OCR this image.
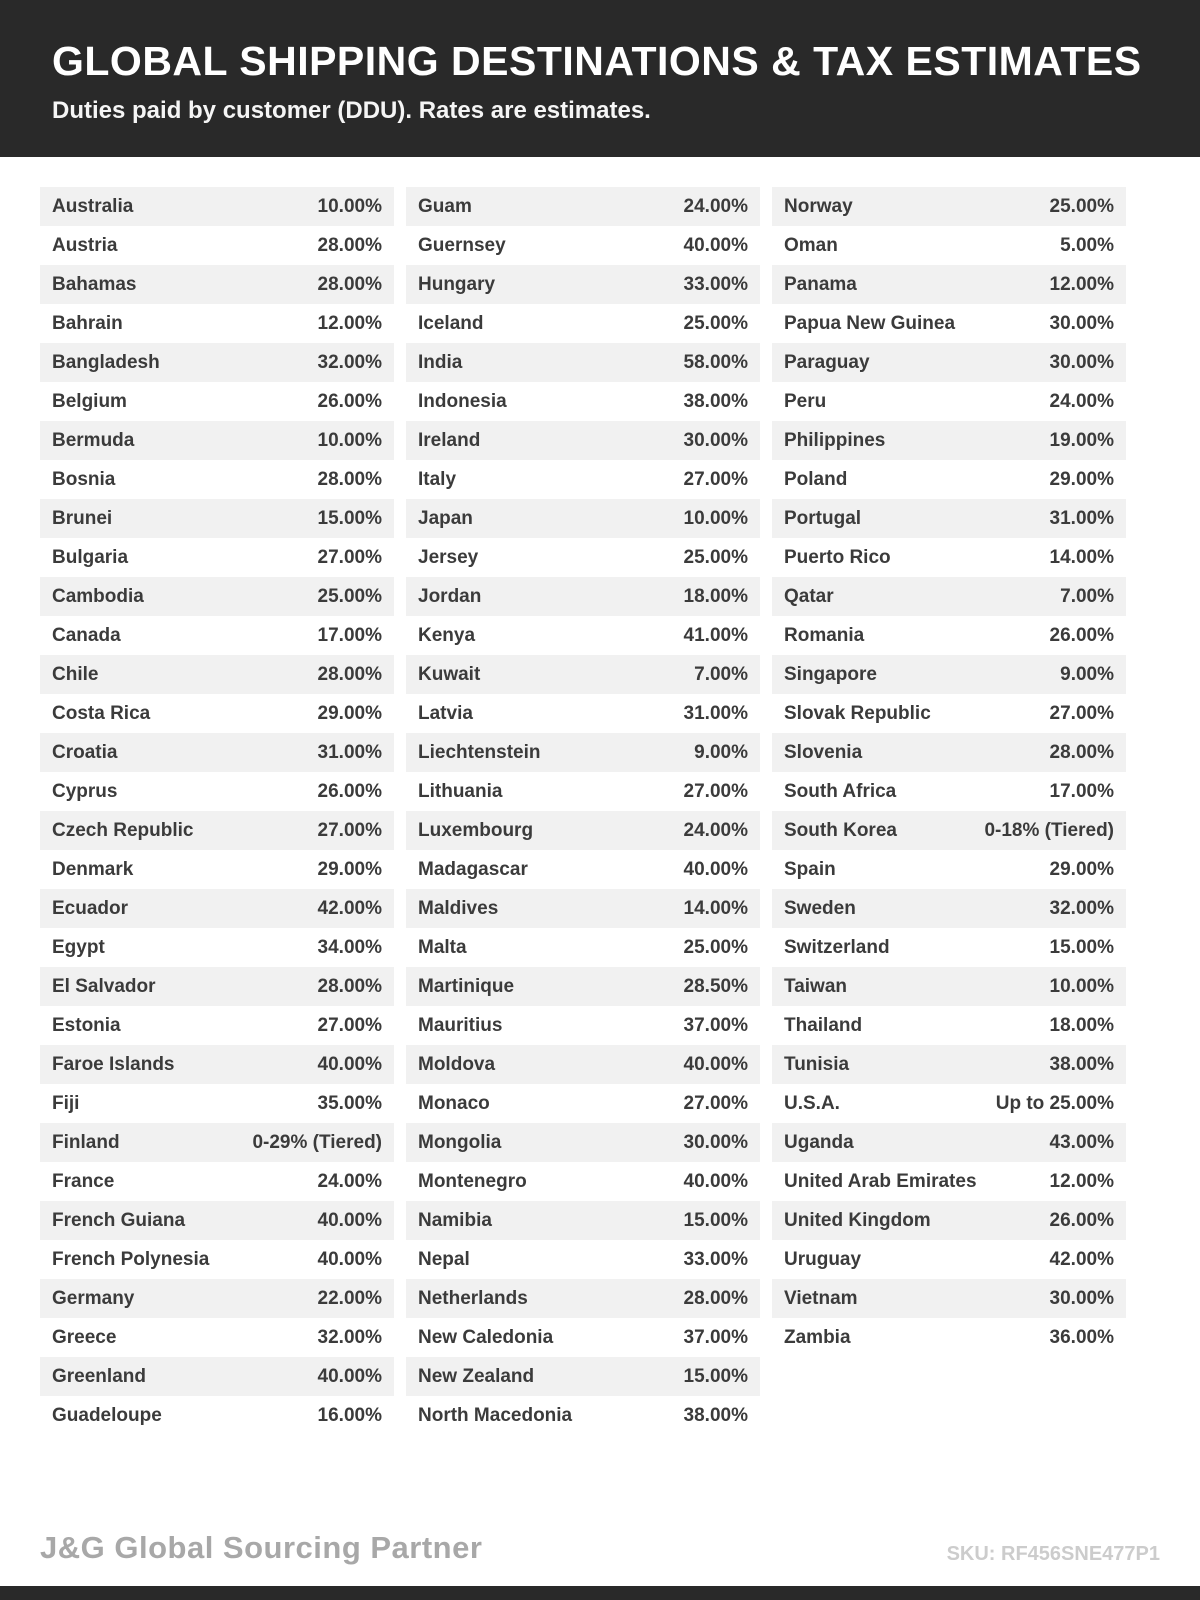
GLOBAL SHIPPING DESTINATIONS & TAX ESTIMATES
Duties paid by customer (DDU). Rates are estimates.
Australia	10.00%
Austria	28.00%
Bahamas	28.00%
Bahrain	12.00%
Bangladesh	32.00%
Belgium	26.00%
Bermuda	10.00%
Bosnia	28.00%
Brunei	15.00%
Bulgaria	27.00%
Cambodia	25.00%
Canada	17.00%
Chile	28.00%
Costa Rica	29.00%
Croatia	31.00%
Cyprus	26.00%
Czech Republic	27.00%
Denmark	29.00%
Ecuador	42.00%
Egypt	34.00%
El Salvador	28.00%
Estonia	27.00%
Faroe Islands	40.00%
Fiji	35.00%
Finland	0-29% (Tiered)
France	24.00%
French Guiana	40.00%
French Polynesia	40.00%
Germany	22.00%
Greece	32.00%
Greenland	40.00%
Guadeloupe	16.00%
Guam	24.00%
Guernsey	40.00%
Hungary	33.00%
Iceland	25.00%
India	58.00%
Indonesia	38.00%
Ireland	30.00%
Italy	27.00%
Japan	10.00%
Jersey	25.00%
Jordan	18.00%
Kenya	41.00%
Kuwait	7.00%
Latvia	31.00%
Liechtenstein	9.00%
Lithuania	27.00%
Luxembourg	24.00%
Madagascar	40.00%
Maldives	14.00%
Malta	25.00%
Martinique	28.50%
Mauritius	37.00%
Moldova	40.00%
Monaco	27.00%
Mongolia	30.00%
Montenegro	40.00%
Namibia	15.00%
Nepal	33.00%
Netherlands	28.00%
New Caledonia	37.00%
New Zealand	15.00%
North Macedonia	38.00%
Norway	25.00%
Oman	5.00%
Panama	12.00%
Papua New Guinea	30.00%
Paraguay	30.00%
Peru	24.00%
Philippines	19.00%
Poland	29.00%
Portugal	31.00%
Puerto Rico	14.00%
Qatar	7.00%
Romania	26.00%
Singapore	9.00%
Slovak Republic	27.00%
Slovenia	28.00%
South Africa	17.00%
South Korea	0-18% (Tiered)
Spain	29.00%
Sweden	32.00%
Switzerland	15.00%
Taiwan	10.00%
Thailand	18.00%
Tunisia	38.00%
U.S.A.	Up to 25.00%
Uganda	43.00%
United Arab Emirates	12.00%
United Kingdom	26.00%
Uruguay	42.00%
Vietnam	30.00%
Zambia	36.00%
J&G Global Sourcing Partner	SKU: RF456SNE477P1
